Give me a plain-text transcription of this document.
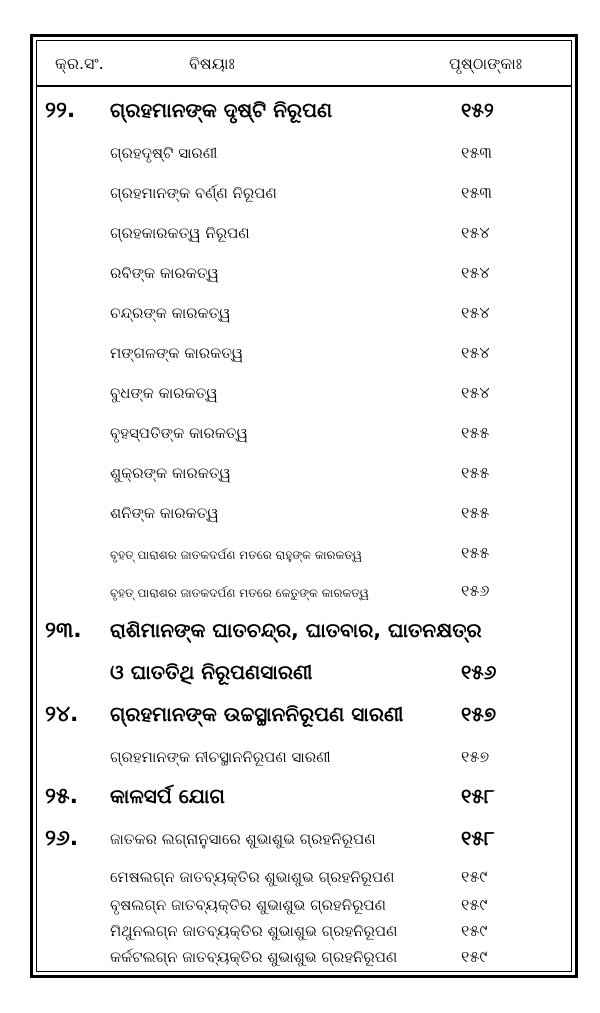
କ୍ର.ସଂ.	ବିଷୟାଃ	ପୃଷ୍ଠାଙ୍କାଃ
୨୨. ଗ୍ରହମାନଙ୍କ ଦୃଷ୍ଟି ନିରୂପଣ	୧୫୨
ଗ୍ରହଦୃଷ୍ଟି ସାରଣୀ	୧୫୩
ଗ୍ରହମାନଙ୍କ ବର୍ଣ୍ଣ ନିରୂପଣ	୧୫୩
ଗ୍ରହକାରକତ୍ୱ ନିରୂପଣ	୧୫୪
ରବିଙ୍କ କାରକତ୍ୱ	୧୫୪
ଚନ୍ଦ୍ରଙ୍କ କାରକତ୍ୱ	୧୫୪
ମଙ୍ଗଳଙ୍କ କାରକତ୍ୱ	୧୫୪
ବୁଧଙ୍କ କାରକତ୍ୱ	୧୫୪
ବୃହସ୍ପତିଙ୍କ କାରକତ୍ୱ	୧୫୫
ଶୁକ୍ରଙ୍କ କାରକତ୍ୱ	୧୫୫
ଶନିଙ୍କ କାରକତ୍ୱ	୧୫୫
ବୃହତ୍ ପାରାଶର ଜାତକଦର୍ପଣ ମତରେ ରାହୁଙ୍କ କାରକତ୍ୱ	୧୫୫
ବୃହତ୍ ପାରାଶର ଜାତକଦର୍ପଣ ମତରେ କେତୁଙ୍କ କାରକତ୍ୱ	୧୫୬
୨୩. ରାଶିମାନଙ୍କ ଘାତଚନ୍ଦ୍ର, ଘାତବାର, ଘାତନକ୍ଷତ୍ର
ଓ ଘାତତିଥି ନିରୂପଣସାରଣୀ	୧୫୬
୨୪. ଗ୍ରହମାନଙ୍କ ଉଚ୍ଚସ୍ଥାନନିରୂପଣ ସାରଣୀ	୧୫୭
ଗ୍ରହମାନଙ୍କ ନୀଚସ୍ଥାନନିରୂପଣ ସାରଣୀ	୧୫୭
୨୫. କାଳସର୍ପ ଯୋଗ	୧୫୮
୨୬. ଜାତକର ଲଗ୍ନାନୁସାରେ ଶୁଭାଶୁଭ ଗ୍ରହନିରୂପଣ	୧୫୮
ମେଷଲଗ୍ନ ଜାତବ୍ୟକ୍ତିର ଶୁଭାଶୁଭ ଗ୍ରହନିରୂପଣ	୧୫୯
ବୃଷଲଗ୍ନ ଜାତବ୍ୟକ୍ତିର ଶୁଭାଶୁଭ ଗ୍ରହନିରୂପଣ	୧୫୯
ମିଥୁନଲଗ୍ନ ଜାତବ୍ୟକ୍ତିର ଶୁଭାଶୁଭ ଗ୍ରହନିରୂପଣ	୧୫୯
କର୍କଟଲଗ୍ନ ଜାତବ୍ୟକ୍ତିର ଶୁଭାଶୁଭ ଗ୍ରହନିରୂପଣ	୧୫୯
